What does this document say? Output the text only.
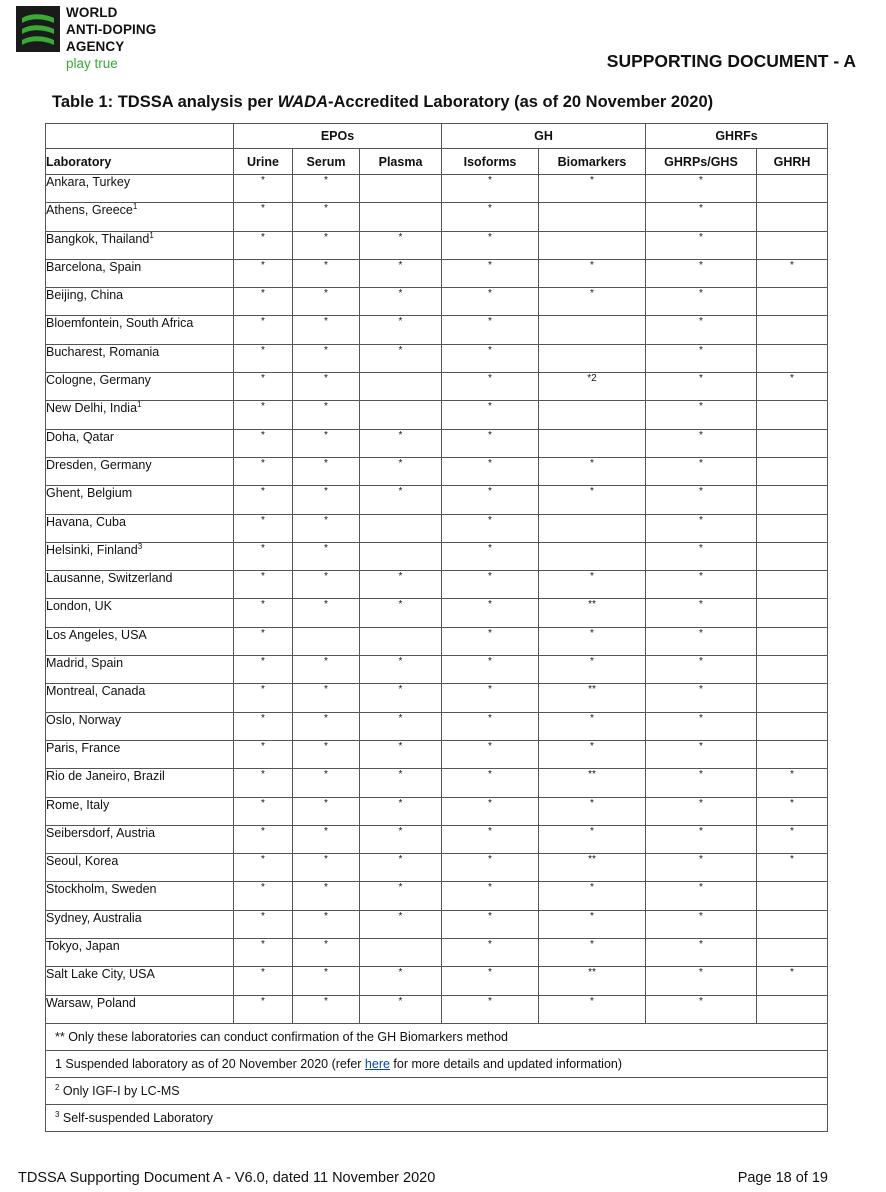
WORLD
ANTI-DOPING
AGENCY
play true	SUPPORTING DOCUMENT - A
Table 1: TDSSA analysis per WADA-Accredited Laboratory (as of 20 November 2020)
	EPOs			GH		GHRFs	
Laboratory	Urine	Serum	Plasma	Isoforms	Biomarkers	GHRPs/GHS	GHRH
Ankara, Turkey	*	*		*	*	*	
Athens, Greece$^1$	*	*		*		*	
Bangkok, Thailand$^1$	*	*	*	*		*	
Barcelona, Spain	*	*	*	*	*	*	*
Beijing, China	*	*	*	*	*	*	
Bloemfontein, South Africa	*	*	*	*		*	
Bucharest, Romania	*	*	*	*		*	
Cologne, Germany	*	*		*	*2	*	*
New Delhi, India$^1$	*	*		*		*	
Doha, Qatar	*	*	*	*		*	
Dresden, Germany	*	*	*	*	*	*	
Ghent, Belgium	*	*	*	*	*	*	
Havana, Cuba	*	*		*		*	
Helsinki, Finland$^3$	*	*		*		*	
Lausanne, Switzerland	*	*	*	*	*	*	
London, UK	*	*	*	*	**	*	
Los Angeles, USA	*			*	*	*	
Madrid, Spain	*	*	*	*	*	*	
Montreal, Canada	*	*	*	*	**	*	
Oslo, Norway	*	*	*	*	*	*	
Paris, France	*	*	*	*	*	*	
Rio de Janeiro, Brazil	*	*	*	*	**	*	*
Rome, Italy	*	*	*	*	*	*	*
Seibersdorf, Austria	*	*	*	*	*	*	*
Seoul, Korea	*	*	*	*	**	*	*
Stockholm, Sweden	*	*	*	*	*	*	
Sydney, Australia	*	*	*	*	*	*	
Tokyo, Japan	*	*		*	*	*	
Salt Lake City, USA	*	*	*	*	**	*	*
Warsaw, Poland	*	*	*	*	*	*	
** Only these laboratories can conduct confirmation of the GH Biomarkers method							
1 Suspended laboratory as of 20 November 2020 (refer here for more details and updated information)							
$^2$ Only IGF-I by LC-MS							
$^3$ Self-suspended Laboratory							
TDSSA Supporting Document A - V6.0, dated 11 November 2020	Page 18 of 19
